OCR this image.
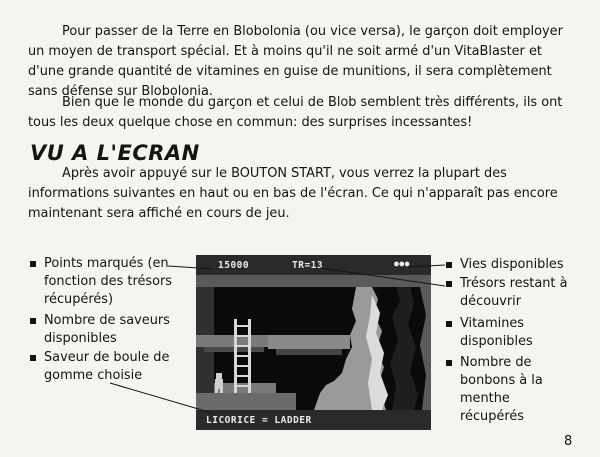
Pour passer de la Terre en Blobolonia (ou vice versa), le garçon doit employer un moyen de transport spécial. Et à moins qu'il ne soit armé d'un VitaBlaster et d'une grande quantité de vitamines en guise de munitions, il sera complètement sans défense sur Blobolonia.
Bien que le monde du garçon et celui de Blob semblent très différents, ils ont tous les deux quelque chose en commun: des surprises incessantes!
VU A L'ECRAN
Après avoir appuyé sur le BOUTON START, vous verrez la plupart des informations suivantes en haut ou en bas de l'écran. Ce qui n'apparaît pas encore maintenant sera affiché en cours de jeu.
Points marqués (en fonction des trésors récupérés)
Nombre de saveurs disponibles
Saveur de boule de gomme choisie
Vies disponibles
Trésors restant à découvrir
Vitamines disponibles
Nombre de bonbons à la menthe récupérés
15000	TR=13	●●●
LICORICE = LADDER
8
